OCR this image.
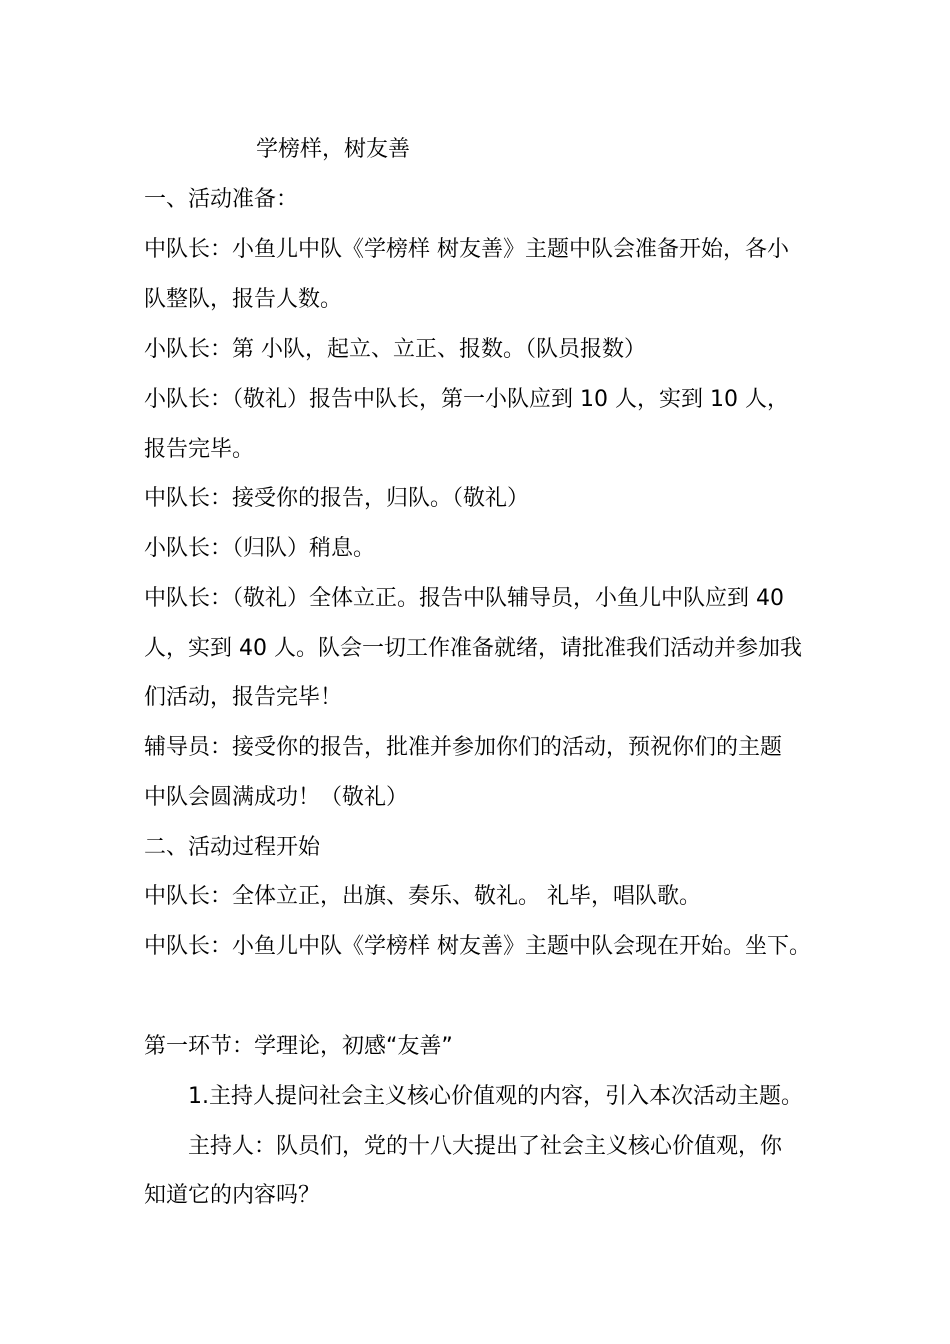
学榜样，树友善
一、活动准备：
中队长：小鱼儿中队《学榜样 树友善》主题中队会准备开始，各小
队整队，报告人数。
小队长：第 小队，起立、立正、报数。（队员报数）
小队长：（敬礼）报告中队长，第一小队应到 10 人，实到 10 人，
报告完毕。
中队长：接受你的报告，归队。（敬礼）
小队长：（归队）稍息。
中队长：（敬礼）全体立正。报告中队辅导员，小鱼儿中队应到 40
人，实到 40 人。队会一切工作准备就绪，请批准我们活动并参加我
们活动，报告完毕！
辅导员：接受你的报告，批准并参加你们的活动，预祝你们的主题
中队会圆满成功！（敬礼）
二、活动过程开始
中队长：全体立正，出旗、奏乐、敬礼。 礼毕，唱队歌。
中队长：小鱼儿中队《学榜样 树友善》主题中队会现在开始。坐下。
第一环节：学理论，初感“友善”
1.主持人提问社会主义核心价值观的内容，引入本次活动主题。
主持人：队员们，党的十八大提出了社会主义核心价值观，你
知道它的内容吗？
